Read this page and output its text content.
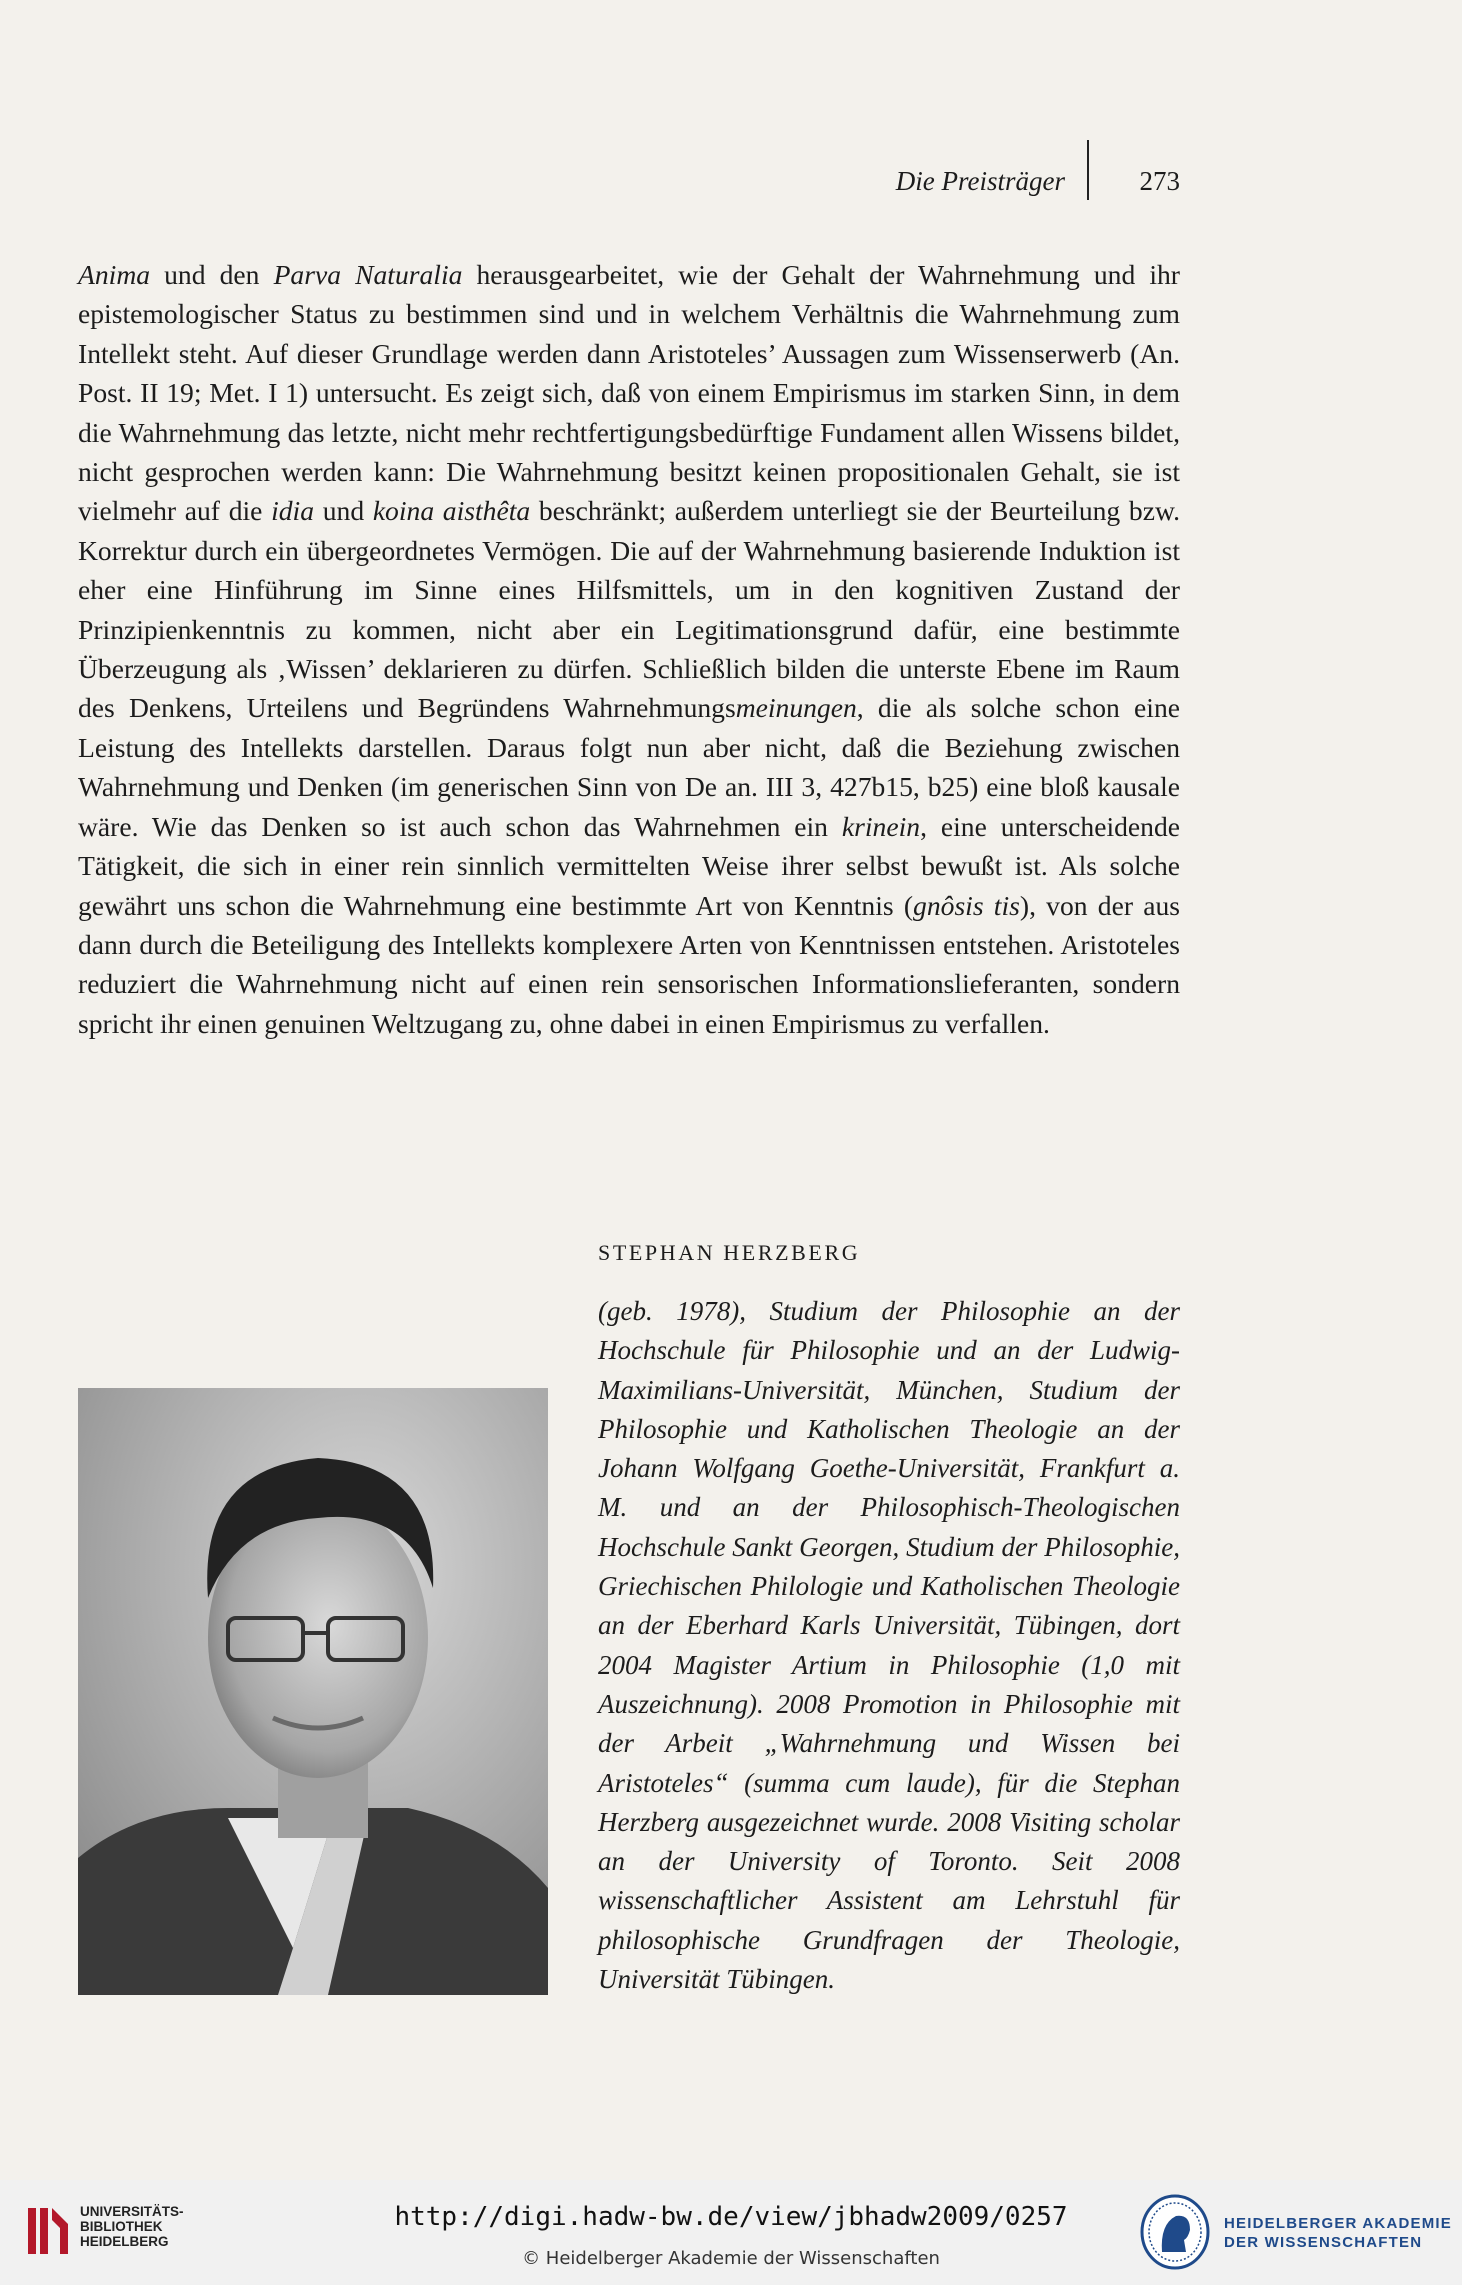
Die Preisträger	273

Anima und den Parva Naturalia herausgearbeitet, wie der Gehalt der Wahrnehmung und ihr epistemologischer Status zu bestimmen sind und in welchem Verhältnis die Wahrnehmung zum Intellekt steht. Auf dieser Grundlage werden dann Aristoteles’ Aussagen zum Wissenserwerb (An. Post. II 19; Met. I 1) untersucht. Es zeigt sich, daß von einem Empirismus im starken Sinn, in dem die Wahrnehmung das letzte, nicht mehr rechtfertigungsbedürftige Fundament allen Wissens bildet, nicht gesprochen werden kann: Die Wahrnehmung besitzt keinen propositionalen Gehalt, sie ist vielmehr auf die idia und koina aisthêta beschränkt; außerdem unterliegt sie der Beurteilung bzw. Korrektur durch ein übergeordnetes Vermögen. Die auf der Wahrnehmung basierende Induktion ist eher eine Hinführung im Sinne eines Hilfsmittels, um in den kognitiven Zustand der Prinzipienkenntnis zu kommen, nicht aber ein Legitimationsgrund dafür, eine bestimmte Überzeugung als ‚Wissen’ deklarieren zu dürfen. Schließlich bilden die unterste Ebene im Raum des Denkens, Urteilens und Begründens Wahrnehmungsmeinungen, die als solche schon eine Leistung des Intellekts darstellen. Daraus folgt nun aber nicht, daß die Beziehung zwischen Wahrnehmung und Denken (im generischen Sinn von De an. III 3, 427b15, b25) eine bloß kausale wäre. Wie das Denken so ist auch schon das Wahrnehmen ein krinein, eine unterscheidende Tätigkeit, die sich in einer rein sinnlich vermittelten Weise ihrer selbst bewußt ist. Als solche gewährt uns schon die Wahrnehmung eine bestimmte Art von Kenntnis (gnôsis tis), von der aus dann durch die Beteiligung des Intellekts komplexere Arten von Kenntnissen entstehen. Aristoteles reduziert die Wahrnehmung nicht auf einen rein sensorischen Informationslieferanten, sondern spricht ihr einen genuinen Weltzugang zu, ohne dabei in einen Empirismus zu verfallen.

STEPHAN HERZBERG
(geb. 1978), Studium der Philosophie an der Hochschule für Philosophie und an der Ludwig-Maximilians-Universität, München, Studium der Philosophie und Katholischen Theologie an der Johann Wolfgang Goethe-Universität, Frankfurt a. M. und an der Philosophisch-Theologischen Hochschule Sankt Georgen, Studium der Philosophie, Griechischen Philologie und Katholischen Theologie an der Eberhard Karls Universität, Tübingen, dort 2004 Magister Artium in Philosophie (1,0 mit Auszeichnung). 2008 Promotion in Philosophie mit der Arbeit „Wahrnehmung und Wissen bei Aristoteles“ (summa cum laude), für die Stephan Herzberg ausgezeichnet wurde. 2008 Visiting scholar an der University of Toronto. Seit 2008 wissenschaftlicher Assistent am Lehrstuhl für philosophische Grundfragen der Theologie, Universität Tübingen.
UNIVERSITÄTS-
BIBLIOTHEK
HEIDELBERG
http://digi.hadw-bw.de/view/jbhadw2009/0257
© Heidelberger Akademie der Wissenschaften
HEIDELBERGER AKADEMIE
DER WISSENSCHAFTEN
